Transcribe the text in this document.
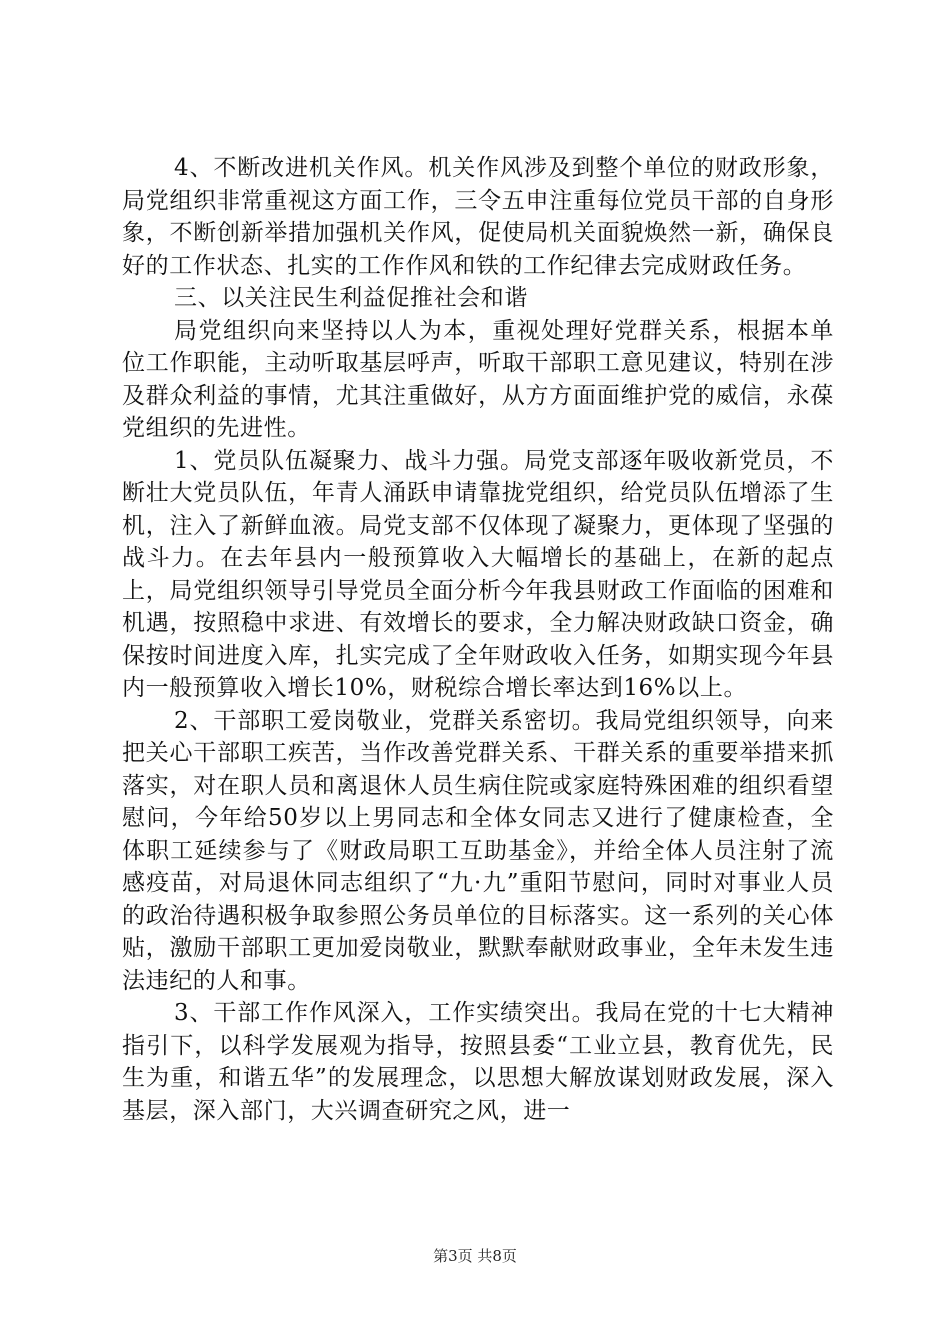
4、不断改进机关作风。机关作风涉及到整个单位的财政形象，局党组织非常重视这方面工作，三令五申注重每位党员干部的自身形象，不断创新举措加强机关作风，促使局机关面貌焕然一新，确保良好的工作状态、扎实的工作作风和铁的工作纪律去完成财政任务。

三、以关注民生利益促推社会和谐

局党组织向来坚持以人为本，重视处理好党群关系，根据本单位工作职能，主动听取基层呼声，听取干部职工意见建议，特别在涉及群众利益的事情，尤其注重做好，从方方面面维护党的威信，永葆党组织的先进性。

1、党员队伍凝聚力、战斗力强。局党支部逐年吸收新党员，不断壮大党员队伍，年青人涌跃申请靠拢党组织，给党员队伍增添了生机，注入了新鲜血液。局党支部不仅体现了凝聚力，更体现了坚强的战斗力。在去年县内一般预算收入大幅增长的基础上，在新的起点上，局党组织领导引导党员全面分析今年我县财政工作面临的困难和机遇，按照稳中求进、有效增长的要求，全力解决财政缺口资金，确保按时间进度入库，扎实完成了全年财政收入任务，如期实现今年县内一般预算收入增长10%，财税综合增长率达到16%以上。

2、干部职工爱岗敬业，党群关系密切。我局党组织领导，向来把关心干部职工疾苦，当作改善党群关系、干群关系的重要举措来抓落实，对在职人员和离退休人员生病住院或家庭特殊困难的组织看望慰问，今年给50岁以上男同志和全体女同志又进行了健康检查，全体职工延续参与了《财政局职工互助基金》，并给全体人员注射了流感疫苗，对局退休同志组织了“九·九”重阳节慰问，同时对事业人员的政治待遇积极争取参照公务员单位的目标落实。这一系列的关心体贴，激励干部职工更加爱岗敬业，默默奉献财政事业，全年未发生违法违纪的人和事。

3、干部工作作风深入，工作实绩突出。我局在党的十七大精神指引下，以科学发展观为指导，按照县委“工业立县，教育优先，民生为重，和谐五华”的发展理念，以思想大解放谋划财政发展，深入基层，深入部门，大兴调查研究之风，进一

第3页 共8页
